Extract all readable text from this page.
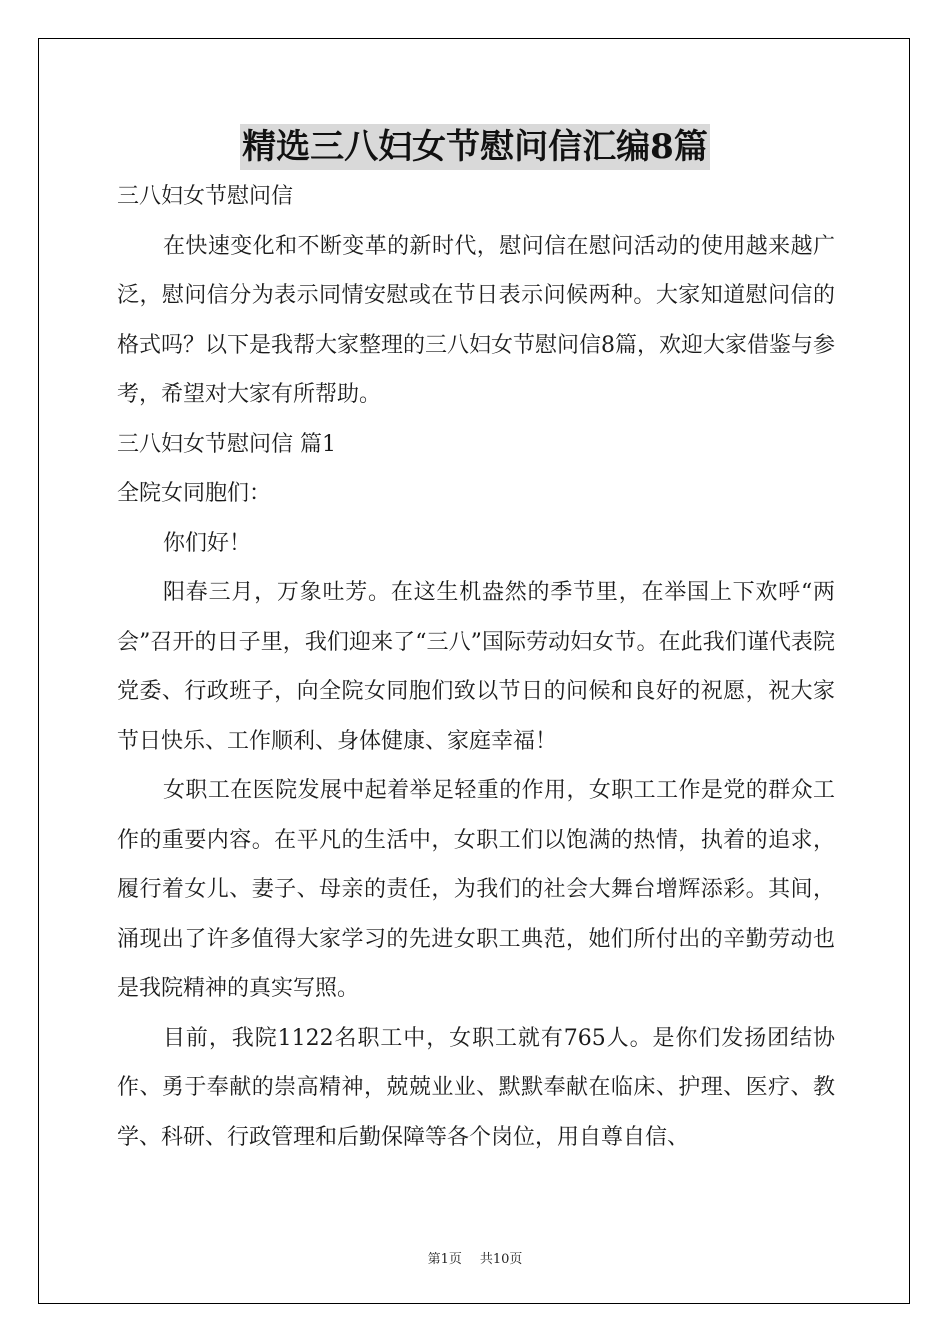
精选三八妇女节慰问信汇编8篇

三八妇女节慰问信

在快速变化和不断变革的新时代，慰问信在慰问活动的使用越来越广泛，慰问信分为表示同情安慰或在节日表示问候两种。大家知道慰问信的格式吗？以下是我帮大家整理的三八妇女节慰问信8篇，欢迎大家借鉴与参考，希望对大家有所帮助。

三八妇女节慰问信 篇1

全院女同胞们：

你们好！

阳春三月，万象吐芳。在这生机盎然的季节里，在举国上下欢呼“两会”召开的日子里，我们迎来了“三八”国际劳动妇女节。在此我们谨代表院党委、行政班子，向全院女同胞们致以节日的问候和良好的祝愿，祝大家节日快乐、工作顺利、身体健康、家庭幸福！

女职工在医院发展中起着举足轻重的作用，女职工工作是党的群众工作的重要内容。在平凡的生活中，女职工们以饱满的热情，执着的追求，履行着女儿、妻子、母亲的责任，为我们的社会大舞台增辉添彩。其间，涌现出了许多值得大家学习的先进女职工典范，她们所付出的辛勤劳动也是我院精神的真实写照。

目前，我院1122名职工中，女职工就有765人。是你们发扬团结协作、勇于奉献的崇高精神，兢兢业业、默默奉献在临床、护理、医疗、教学、科研、行政管理和后勤保障等各个岗位，用自尊自信、

第1页 共10页
